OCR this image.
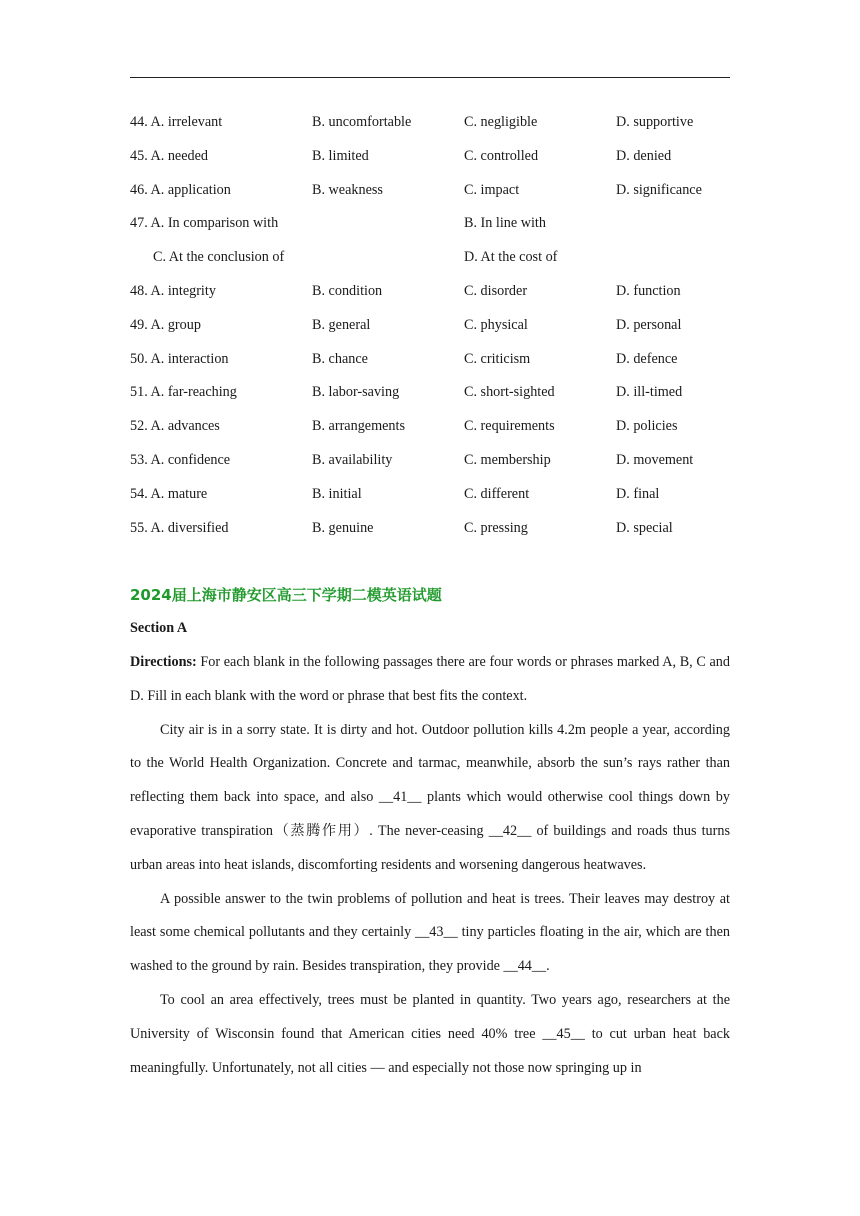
44. A. irrelevant	B. uncomfortable	C. negligible	D. supportive
45. A. needed	B. limited	C. controlled	D. denied
46. A. application	B. weakness	C. impact	D. significance
47. A. In comparison with	B. In line with
C. At the conclusion of	D. At the cost of
48. A. integrity	B. condition	C. disorder	D. function
49. A. group	B. general	C. physical	D. personal
50. A. interaction	B. chance	C. criticism	D. defence
51. A. far-reaching	B. labor-saving	C. short-sighted	D. ill-timed
52. A. advances	B. arrangements	C. requirements	D. policies
53. A. confidence	B. availability	C. membership	D. movement
54. A. mature	B. initial	C. different	D. final
55. A. diversified	B. genuine	C. pressing	D. special
2024届上海市静安区高三下学期二模英语试题
Section A

Directions: For each blank in the following passages there are four words or phrases marked A, B, C and D. Fill in each blank with the word or phrase that best fits the context.

City air is in a sorry state. It is dirty and hot. Outdoor pollution kills 4.2m people a year, according to the World Health Organization. Concrete and tarmac, meanwhile, absorb the sun’s rays rather than reflecting them back into space, and also __41__ plants which would otherwise cool things down by evaporative transpiration（蒸腾作用）. The never-ceasing __42__ of buildings and roads thus turns urban areas into heat islands, discomforting residents and worsening dangerous heatwaves.

A possible answer to the twin problems of pollution and heat is trees. Their leaves may destroy at least some chemical pollutants and they certainly __43__ tiny particles floating in the air, which are then washed to the ground by rain. Besides transpiration, they provide __44__.

To cool an area effectively, trees must be planted in quantity. Two years ago, researchers at the University of Wisconsin found that American cities need 40% tree __45__ to cut urban heat back meaningfully. Unfortunately, not all cities — and especially not those now springing up in
